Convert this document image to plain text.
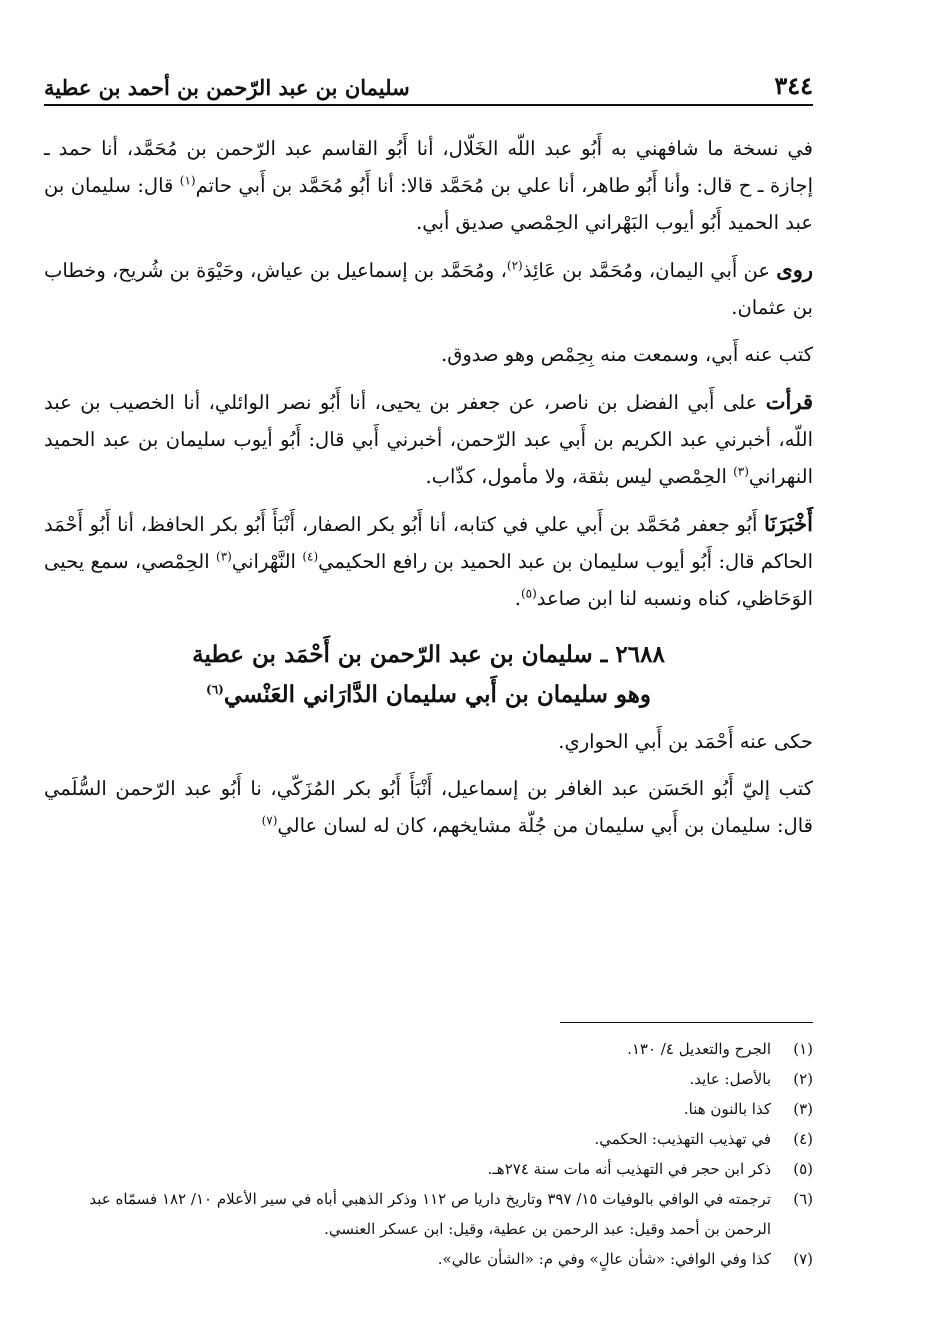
٣٤٤
سليمان بن عبد الرّحمن بن أحمد بن عطية

في نسخة ما شافهني به أَبُو عبد اللّه الخَلّال، أنا أَبُو القاسم عبد الرّحمن بن مُحَمَّد، أنا حمد ـ إجازة ـ ح قال: وأنا أَبُو طاهر، أنا علي بن مُحَمَّد قالا: أنا أَبُو مُحَمَّد بن أَبي حاتم$^{(١)}$ قال: سليمان بن عبد الحميد أَبُو أيوب البَهْراني الحِمْصي صديق أبي.

روى عن أَبي اليمان، ومُحَمَّد بن عَائِذ$^{(٢)}$، ومُحَمَّد بن إسماعيل بن عياش، وحَيْوَة بن شُريح، وخطاب بن عثمان.

كتب عنه أَبي، وسمعت منه بِحِمْص وهو صدوق.

قرأت على أَبي الفضل بن ناصر، عن جعفر بن يحيى، أنا أَبُو نصر الوائلي، أنا الخصيب بن عبد اللّه، أخبرني عبد الكريم بن أَبي عبد الرّحمن، أخبرني أَبي قال: أَبُو أيوب سليمان بن عبد الحميد النهراني$^{(٣)}$ الحِمْصي ليس بثقة، ولا مأمول، كذّاب.

أَخْبَرَنَا أَبُو جعفر مُحَمَّد بن أَبي علي في كتابه، أنا أَبُو بكر الصفار، أَنْبَأَ أَبُو بكر الحافظ، أنا أَبُو أَحْمَد الحاكم قال: أَبُو أيوب سليمان بن عبد الحميد بن رافع الحكيمي$^{(٤)}$ النَّهْراني$^{(٣)}$ الحِمْصي، سمع يحيى الوَحَاظي، كناه ونسبه لنا ابن صاعد$^{(٥)}$.

٢٦٨٨ ـ سليمان بن عبد الرّحمن بن أَحْمَد بن عطية
وهو سليمان بن أَبي سليمان الدَّارَاني العَنْسي$^{(٦)}$

حكى عنه أَحْمَد بن أَبي الحواري.

كتب إليّ أَبُو الحَسَن عبد الغافر بن إسماعيل، أَنْبَأَ أَبُو بكر المُزَكّي، نا أَبُو عبد الرّحمن السُّلَمي قال: سليمان بن أَبي سليمان من جُلّة مشايخهم، كان له لسان عالي$^{(٧)}$

(١)
الجرح والتعديل ٤/ ١٣٠.
(٢)
بالأصل: عايد.
(٣)
كذا بالنون هنا.
(٤)
في تهذيب التهذيب: الحكمي.
(٥)
ذكر ابن حجر في التهذيب أنه مات سنة ٢٧٤هـ.
(٦)
ترجمته في الوافي بالوفيات ١٥/ ٣٩٧ وتاريخ داريا ص ١١٢ وذكر الذهبي أباه في سير الأعلام ١٠/ ١٨٢ فسمّاه عبد الرحمن بن أحمد وقيل: عبد الرحمن بن عطية، وقيل: ابن عسكر العنسي.
(٧)
كذا وفي الوافي: «شأن عالٍ» وفي م: «الشأن عالي».
